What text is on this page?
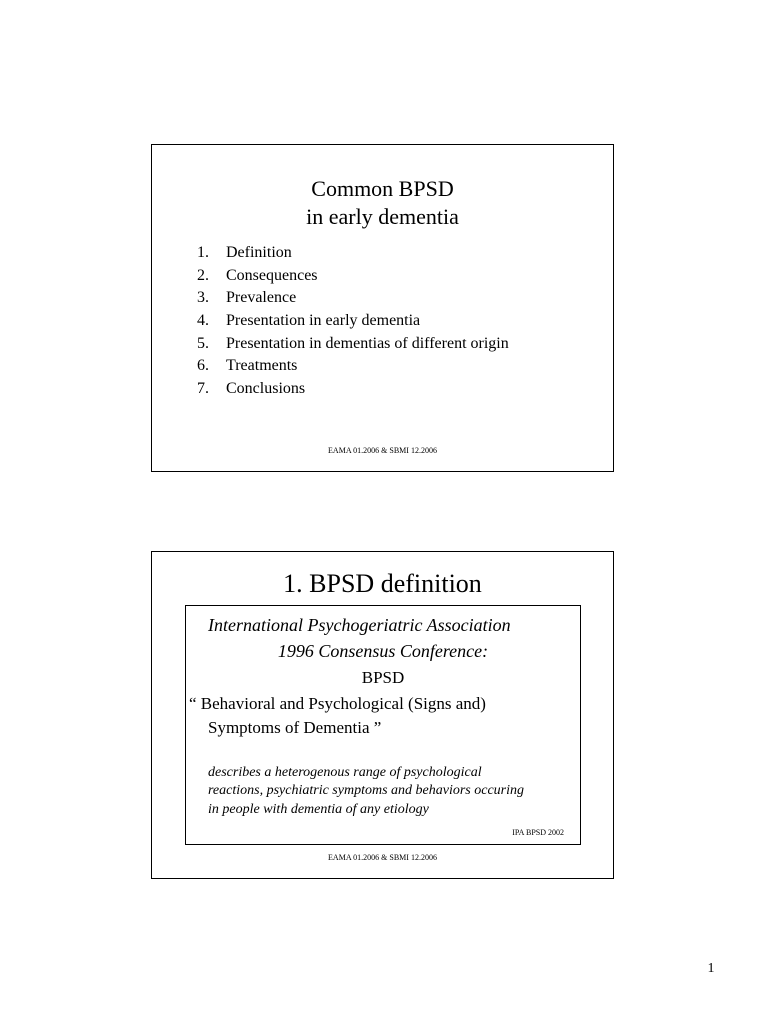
Common BPSD
in early dementia
1. Definition
2. Consequences
3. Prevalence
4. Presentation in early dementia
5. Presentation in dementias of different origin
6. Treatments
7. Conclusions
EAMA 01.2006 & SBMI 12.2006
1. BPSD definition
International Psychogeriatric Association
1996 Consensus Conference:
BPSD
“ Behavioral and Psychological (Signs and)
Symptoms of Dementia ”
describes a heterogenous range of psychological
reactions, psychiatric symptoms and behaviors occuring
in people with dementia of any etiology
IPA BPSD 2002
EAMA 01.2006 & SBMI 12.2006
1
